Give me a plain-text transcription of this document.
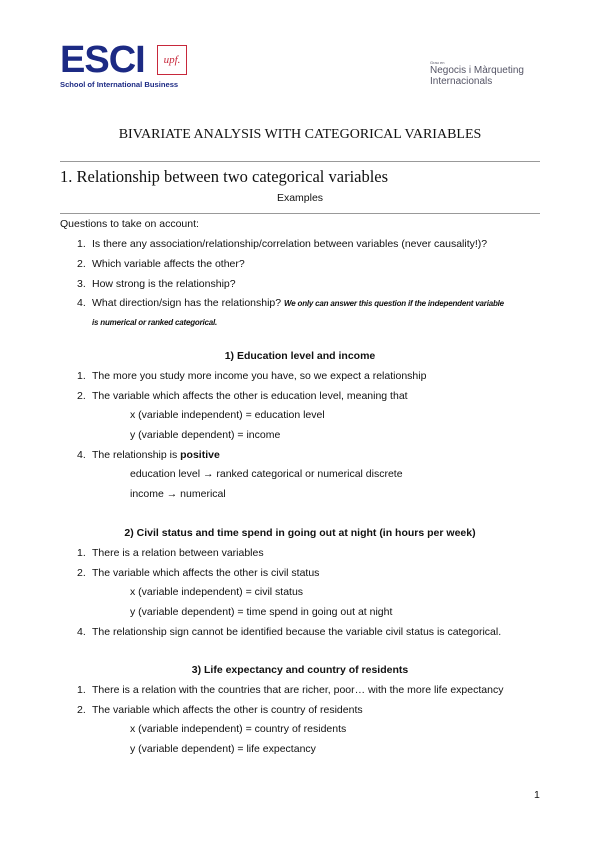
ESCI	upf.
School of International Business
Grau en
Negocis i Màrqueting
Internacionals
BIVARIATE ANALYSIS WITH CATEGORICAL VARIABLES
1. Relationship between two categorical variables
Examples
Questions to take on account:
1. Is there any association/relationship/correlation between variables (never causality!)?
2. Which variable affects the other?
3. How strong is the relationship?
4. What direction/sign has the relationship? We only can answer this question if the independent variable
is numerical or ranked categorical.
1) Education level and income
1. The more you study more income you have, so we expect a relationship
2. The variable which affects the other is education level, meaning that
x (variable independent) = education level
y (variable dependent) = income
4. The relationship is positive
education level → ranked categorical or numerical discrete
income → numerical
2) Civil status and time spend in going out at night (in hours per week)
1. There is a relation between variables
2. The variable which affects the other is civil status
x (variable independent) = civil status
y (variable dependent) = time spend in going out at night
4. The relationship sign cannot be identified because the variable civil status is categorical.
3) Life expectancy and country of residents
1. There is a relation with the countries that are richer, poor… with the more life expectancy
2. The variable which affects the other is country of residents
x (variable independent) = country of residents
y (variable dependent) = life expectancy
1
